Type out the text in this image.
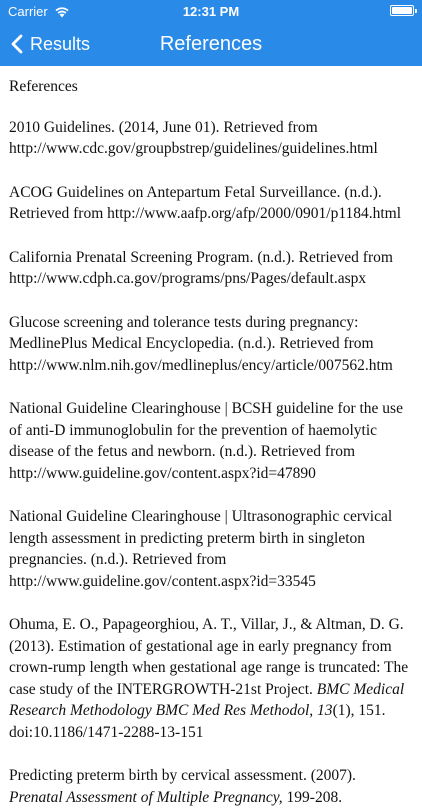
Carrier	12:31 PM
Results	References

References

2010 Guidelines. (2014, June 01). Retrieved from http://www.cdc.gov/groupbstrep/guidelines/guidelines.html

ACOG Guidelines on Antepartum Fetal Surveillance. (n.d.). Retrieved from http://www.aafp.org/afp/2000/0901/p1184.html

California Prenatal Screening Program. (n.d.). Retrieved from http://www.cdph.ca.gov/programs/pns/Pages/default.aspx

Glucose screening and tolerance tests during pregnancy: MedlinePlus Medical Encyclopedia. (n.d.). Retrieved from http://www.nlm.nih.gov/medlineplus/ency/article/007562.htm

National Guideline Clearinghouse | BCSH guideline for the use of anti-D immunoglobulin for the prevention of haemolytic disease of the fetus and newborn. (n.d.). Retrieved from http://www.guideline.gov/content.aspx?id=47890

National Guideline Clearinghouse | Ultrasonographic cervical length assessment in predicting preterm birth in singleton pregnancies. (n.d.). Retrieved from http://www.guideline.gov/content.aspx?id=33545

Ohuma, E. O., Papageorghiou, A. T., Villar, J., & Altman, D. G. (2013). Estimation of gestational age in early pregnancy from crown-rump length when gestational age range is truncated: The case study of the INTERGROWTH-21st Project. BMC Medical Research Methodology BMC Med Res Methodol, 13(1), 151. doi:10.1186/1471-2288-13-151

Predicting preterm birth by cervical assessment. (2007). Prenatal Assessment of Multiple Pregnancy, 199-208.
